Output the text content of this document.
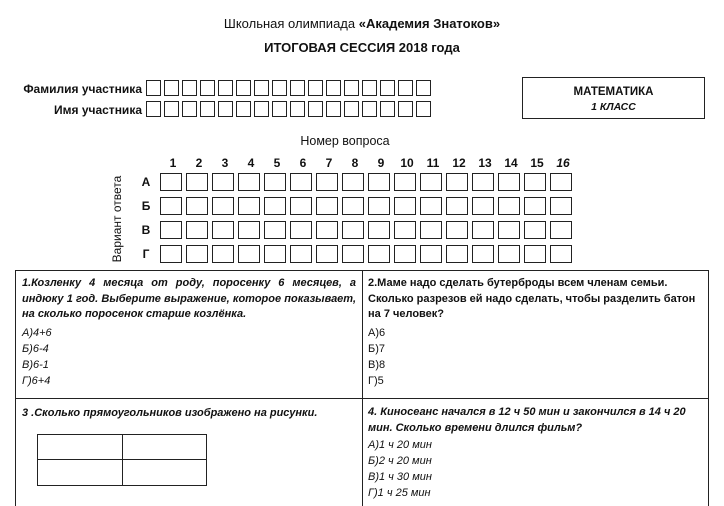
Школьная олимпиада «Академия Знатоков»
ИТОГОВАЯ СЕССИЯ 2018 года
Фамилия участника
Имя участника
МАТЕМАТИКА
1 КЛАСС
Номер вопроса
1	2	3	4	5	6	7	8	9	10	11	12	13	14	15	16
Вариант ответа А
Б
В
Г
1.Козленку 4 месяца от роду, поросенку 6 месяцев, а индюку 1 год. Выберите выражение, которое показывает, на сколько поросенок старше козлёнка.
А)4+6
Б)6-4
В)6-1
Г)6+4
2.Маме надо сделать бутерброды всем членам семьи. Сколько разрезов ей надо сделать, чтобы разделить батон на 7 человек?
А)6
Б)7
В)8
Г)5
3 .Сколько прямоугольников изображено на рисунки.	4. Киносеанс начался в 12 ч 50 мин и закончился в 14 ч 20 мин. Сколько времени длился фильм?
А)1 ч 20 мин
Б)2 ч 20 мин
В)1 ч 30 мин
Г)1 ч 25 мин
